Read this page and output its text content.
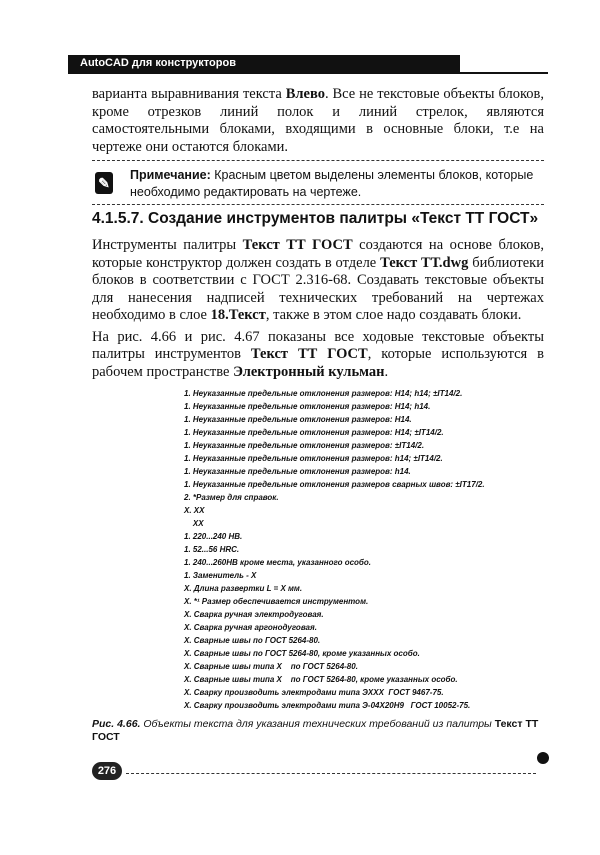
AutoCAD для конструкторов
варианта выравнивания текста Влево. Все не текстовые объекты блоков, кроме отрезков линий полок и линий стрелок, являются самостоятельными блоками, входящими в основные блоки, т.е на чертеже они остаются блоками.
✎ Примечание: Красным цветом выделены элементы блоков, которые необходимо редактировать на чертеже.
4.1.5.7. Создание инструментов палитры «Текст ТТ ГОСТ»
Инструменты палитры Текст ТТ ГОСТ создаются на основе блоков, которые конструктор должен создать в отделе Текст ТТ.dwg библиотеки блоков в соответствии с ГОСТ 2.316-68. Создавать текстовые объекты для нанесения надписей технических требований на чертежах необходимо в слое 18.Текст, также в этом слое надо создавать блоки.
На рис. 4.66 и рис. 4.67 показаны все ходовые текстовые объекты палитры инструментов Текст ТТ ГОСТ, которые используются в рабочем пространстве Электронный кульман.
1. Неуказанные предельные отклонения размеров: H14; h14; ±IT14/2.
1. Неуказанные предельные отклонения размеров: H14; h14.
1. Неуказанные предельные отклонения размеров: H14.
1. Неуказанные предельные отклонения размеров: H14; ±IT14/2.
1. Неуказанные предельные отклонения размеров: ±IT14/2.
1. Неуказанные предельные отклонения размеров: h14; ±IT14/2.
1. Неуказанные предельные отклонения размеров: h14.
1. Неуказанные предельные отклонения размеров сварных швов: ±IT17/2.
2. *Размер для справок.
X. XX
XX
1. 220...240 HB.
1. 52...56 HRC.
1. 240...260HB кроме места, указанного особо.
1. Заменитель - X
X. Длина развертки L = X мм.
X. *¹ Размер обеспечивается инструментом.
X. Сварка ручная электродуговая.
X. Сварка ручная аргонодуговая.
X. Сварные швы по ГОСТ 5264-80.
X. Сварные швы по ГОСТ 5264-80, кроме указанных особо.
X. Сварные швы типа X    по ГОСТ 5264-80.
X. Сварные швы типа X    по ГОСТ 5264-80, кроме указанных особо.
X. Сварку производить электродами типа ЭXXX  ГОСТ 9467-75.
X. Сварку производить электродами типа Э-04X20H9   ГОСТ 10052-75.
Рис. 4.66. Объекты текста для указания технических требований из палитры Текст ТТ ГОСТ
276
